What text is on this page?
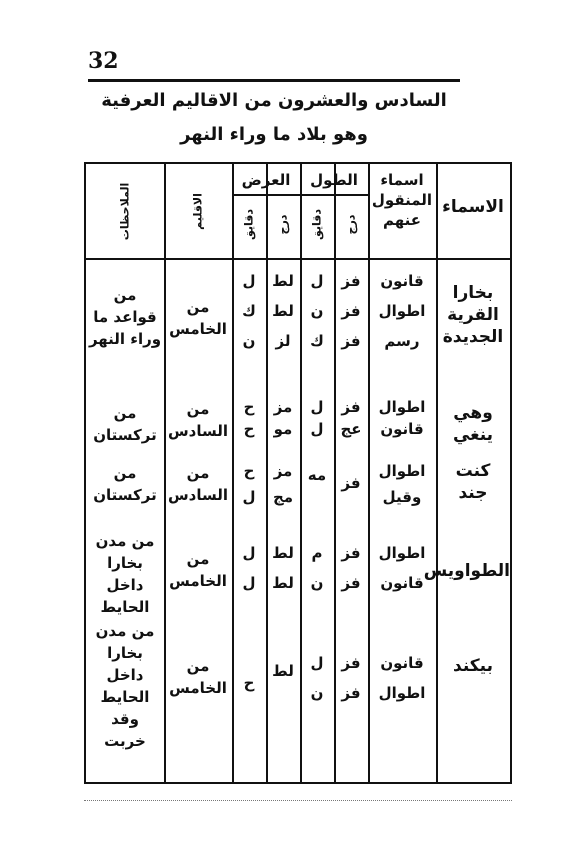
32
السادس والعشرون من الاقاليم العرفية
وهو بلاد ما وراء النهر
الاسماء
اسماء
المنقول
عنهم
الطول
العرض
درج
دقايق
درج
دقايق
الاقليم
الملاحظات
بخارا
القرية
الجديدة
قانون
اطوال
رسم
فز
فز
فز
ل
ن
ك
لط
لط
لز
ل
ك
ن
من
الخامس
من
قواعد ما
وراء النهر
وهي ينغي
اطوال
قانون
فز
عج
ل
ل
مز
مو
ح
ح
من
السادس
من
تركستان
كنت
جند
اطوال
وقيل
فز
مه
مز
مج
ح
ل
من
السادس
من
تركستان
الطواويس
اطوال
قانون
فز
فز
م
ن
لط
لط
ل
ل
من
الخامس
من مدن
بخارا
داخل
الحايط
بيكند
قانون
اطوال
فز
فز
ل
ن
لط
ح
من
الخامس
من مدن
بخارا
داخل
الحايط
وقد
خربت
